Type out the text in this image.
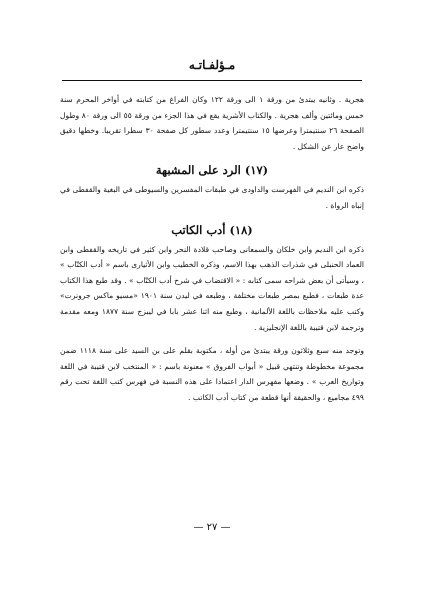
مـؤلفـاتـه

هجرية . وثانيه يبتدئ من ورقة ١ الى ورقة ١٢٢ وكان الفراغ من كتابته في أواخر المحرم سنة خمس ومائتين وألف هجرية . والكتاب الأشرية يقع في هذا الجزء من ورقة ٥٥ الى ورقة ٨٠ وطول الصفحة ٢٦ سنتيمترا وعرضها ١٥ سنتيمترا وعدد سطور كل صفحة ٣٠ سطرا تقريبا. وخطها دقيق واضح عار عن الشكل .

(١٧) الرد على المشبهة

ذكره ابن النديم في الفهرست والداودى في طبقات المفسرين والسيوطى في البغية والقفطى في إنباه الرواة .

(١٨) أدب الكاتب

ذكره ابن النديم وابن خلكان والسمعانى وصاحب قلادة النحر وابن كثير في تاريخه والقفطى وابن العماد الحنبلى في شذرات الذهب بهذا الاسم، وذكره الخطيب وابن الأثيارى باسم « أدب الكتّاب » ، وسيأتى أن بعض شراحه سمى كتابه : « الاقتضاب في شرح أدب الكتّاب » . وقد طبع هذا الكتاب عدة طبعات ، فطبع بمصر طبعات مختلفة ، وطبعه في ليدن سنة ١٩٠١ «مسيو ماكس جرونرت» وكتب عليه ملاحظات باللغة الألمانية ، وطبع منه اثنا عشر بابا في ليبزج سنة ١٨٧٧ ومعه مقدمة وترجمة لابن قتيبة باللغة الإنجليزية .

وتوجد منه سبع وثلاثون ورقة يبتدئ من أوله ، مكتوبة بقلم على بن السيد على سنة ١١١٨ ضمن مجموعة مخطوطة وتنتهي قبيل « أبواب الفروق » معنونة باسم : « المنتخب لابن قتيبة في اللغة وتواريخ العرب » . وضعها مفهرس الدار اعتمادا على هذه النسبة في فهرس كتب اللغة تحت رقم ٤٩٩ مجاميع ، والحقيقة أنها قطعة من كتاب أدب الكاتب .

— ٢٧ —
